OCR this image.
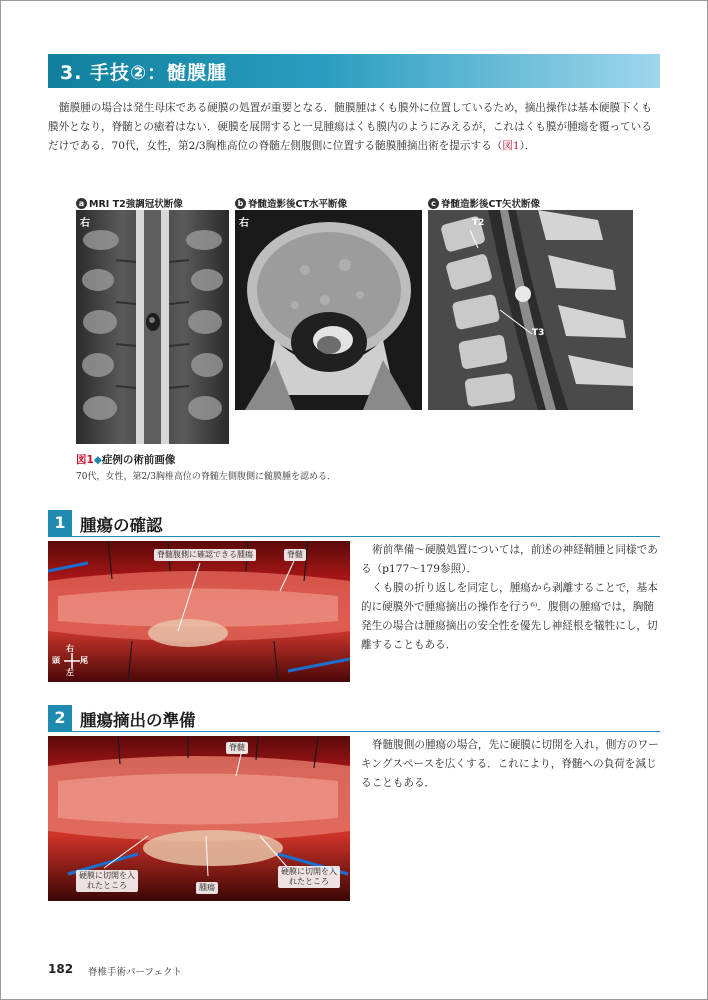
3. 手技②：髄膜腫
髄膜腫の場合は発生母床である硬膜の処置が重要となる．髄膜腫はくも膜外に位置しているため，摘出操作は基本硬膜下くも膜外となり，脊髄との癒着はない．硬膜を展開すると一見腫瘍はくも膜内のようにみえるが，これはくも膜が腫瘍を覆っているだけである．70代，女性，第2/3胸椎高位の脊髄左側腹側に位置する髄膜腫摘出術を提示する（図1）．
a MRI T2強調冠状断像	b 脊髄造影後CT水平断像	c 脊髄造影後CT矢状断像
右	右	T2
T3
図1◆症例の術前画像
70代，女性，第2/3胸椎高位の脊髄左側腹側に髄膜腫を認める．
1 腫瘍の確認
脊髄腹側に確認できる腫瘍	脊髄
右
頭	尾
左

術前準備〜硬膜処置については，前述の神経鞘腫と同様である（p177〜179参照）．

くも膜の折り返しを同定し，腫瘍から剥離することで，基本的に硬膜外で腫瘍摘出の操作を行う⁶⁾．腹側の腫瘍では，胸髄発生の場合は腫瘍摘出の安全性を優先し神経根を犠牲にし，切離することもある．

2 腫瘍摘出の準備
脊髄
硬膜に切開を入れたところ	腫瘍
硬膜に切開を入れたところ

脊髄腹側の腫瘍の場合，先に硬膜に切開を入れ，側方のワーキングスペースを広くする．これにより，脊髄への負荷を減じることもある．

182 脊椎手術パーフェクト
